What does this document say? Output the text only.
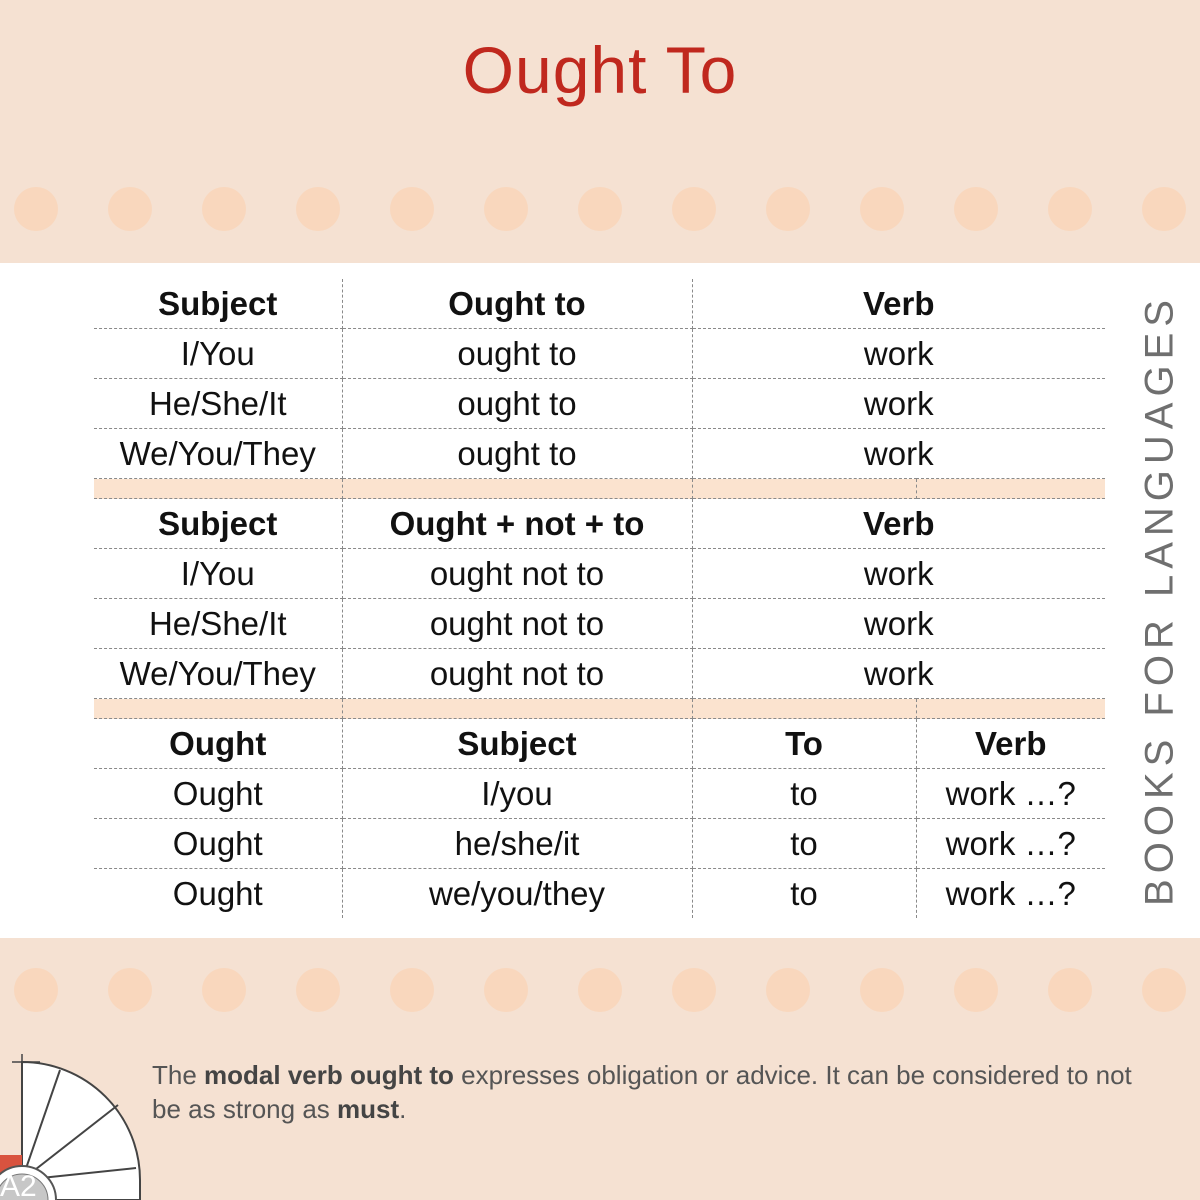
Ought To
Subject	Ought to	Verb	
I/You	ought to	work	
He/She/It	ought to	work	
We/You/They	ought to	work	

Subject	Ought + not + to	Verb	
I/You	ought not to	work	
He/She/It	ought not to	work	
We/You/They	ought not to	work	

Ought	Subject	To	Verb
Ought	I/you	to	work …?
Ought	he/she/it	to	work …?
Ought	we/you/they	to	work …? BOOKS FOR LANGUAGES
The modal verb ought to expresses obligation or advice. It can be considered to not be as strong as must.
A2
